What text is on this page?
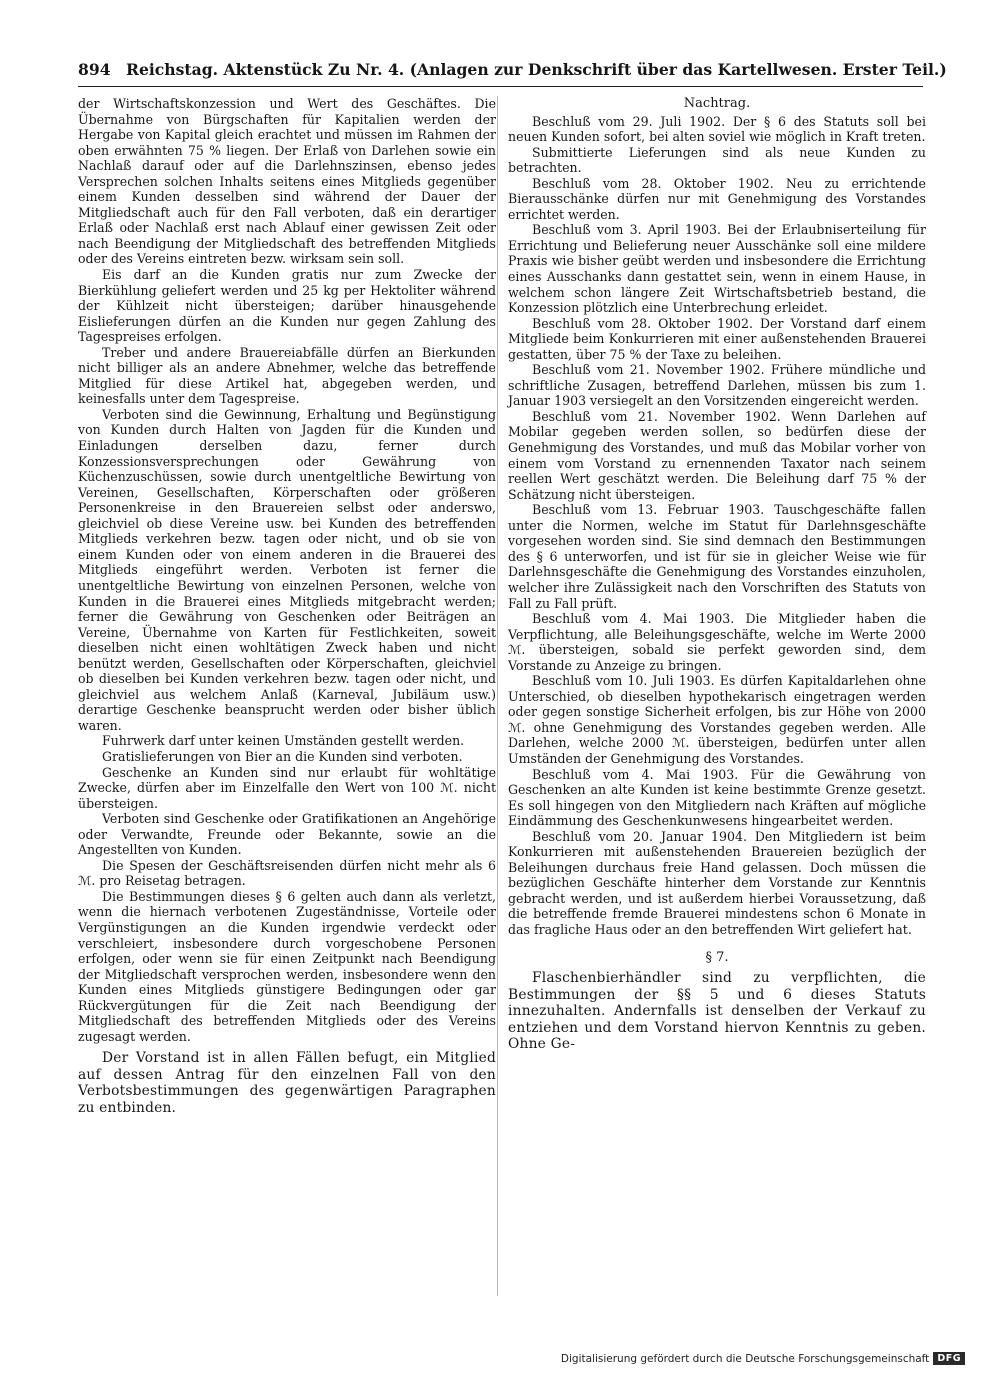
894 Reichstag. Aktenstück Zu Nr. 4. (Anlagen zur Denkschrift über das Kartellwesen. Erster Teil.)

der Wirtschaftskonzession und Wert des Geschäftes. Die Übernahme von Bürgschaften für Kapitalien werden der Hergabe von Kapital gleich erachtet und müssen im Rahmen der oben erwähnten 75 % liegen. Der Erlaß von Darlehen sowie ein Nachlaß darauf oder auf die Darlehnszinsen, ebenso jedes Versprechen solchen Inhalts seitens eines Mitglieds gegenüber einem Kunden desselben sind während der Dauer der Mitgliedschaft auch für den Fall verboten, daß ein derartiger Erlaß oder Nachlaß erst nach Ablauf einer gewissen Zeit oder nach Beendigung der Mitgliedschaft des betreffenden Mitglieds oder des Vereins eintreten bezw. wirksam sein soll.

Eis darf an die Kunden gratis nur zum Zwecke der Bierkühlung geliefert werden und 25 kg per Hektoliter während der Kühlzeit nicht übersteigen; darüber hinausgehende Eislieferungen dürfen an die Kunden nur gegen Zahlung des Tagespreises erfolgen.

Treber und andere Brauereiabfälle dürfen an Bierkunden nicht billiger als an andere Abnehmer, welche das betreffende Mitglied für diese Artikel hat, abgegeben werden, und keinesfalls unter dem Tagespreise.

Verboten sind die Gewinnung, Erhaltung und Begünstigung von Kunden durch Halten von Jagden für die Kunden und Einladungen derselben dazu, ferner durch Konzessionsversprechungen oder Gewährung von Küchenzuschüssen, sowie durch unentgeltliche Bewirtung von Vereinen, Gesellschaften, Körperschaften oder größeren Personenkreise in den Brauereien selbst oder anderswo, gleichviel ob diese Vereine usw. bei Kunden des betreffenden Mitglieds verkehren bezw. tagen oder nicht, und ob sie von einem Kunden oder von einem anderen in die Brauerei des Mitglieds eingeführt werden. Verboten ist ferner die unentgeltliche Bewirtung von einzelnen Personen, welche von Kunden in die Brauerei eines Mitglieds mitgebracht werden; ferner die Gewährung von Geschenken oder Beiträgen an Vereine, Übernahme von Karten für Festlichkeiten, soweit dieselben nicht einen wohltätigen Zweck haben und nicht benützt werden, Gesellschaften oder Körperschaften, gleichviel ob dieselben bei Kunden verkehren bezw. tagen oder nicht, und gleichviel aus welchem Anlaß (Karneval, Jubiläum usw.) derartige Geschenke beansprucht werden oder bisher üblich waren.

Fuhrwerk darf unter keinen Umständen gestellt werden.

Gratislieferungen von Bier an die Kunden sind verboten.

Geschenke an Kunden sind nur erlaubt für wohltätige Zwecke, dürfen aber im Einzelfalle den Wert von 100 ℳ. nicht übersteigen.

Verboten sind Geschenke oder Gratifikationen an Angehörige oder Verwandte, Freunde oder Bekannte, sowie an die Angestellten von Kunden.

Die Spesen der Geschäftsreisenden dürfen nicht mehr als 6 ℳ. pro Reisetag betragen.

Die Bestimmungen dieses § 6 gelten auch dann als verletzt, wenn die hiernach verbotenen Zugeständnisse, Vorteile oder Vergünstigungen an die Kunden irgendwie verdeckt oder verschleiert, insbesondere durch vorgeschobene Personen erfolgen, oder wenn sie für einen Zeitpunkt nach Beendigung der Mitgliedschaft versprochen werden, insbesondere wenn den Kunden eines Mitglieds günstigere Bedingungen oder gar Rückvergütungen für die Zeit nach Beendigung der Mitgliedschaft des betreffenden Mitglieds oder des Vereins zugesagt werden.

Der Vorstand ist in allen Fällen befugt, ein Mitglied auf dessen Antrag für den einzelnen Fall von den Verbotsbestimmungen des gegenwärtigen Paragraphen zu entbinden.

Nachtrag.

Beschluß vom 29. Juli 1902. Der § 6 des Statuts soll bei neuen Kunden sofort, bei alten soviel wie möglich in Kraft treten.

Submittierte Lieferungen sind als neue Kunden zu betrachten.

Beschluß vom 28. Oktober 1902. Neu zu errichtende Bierausschänke dürfen nur mit Genehmigung des Vorstandes errichtet werden.

Beschluß vom 3. April 1903. Bei der Erlaubniserteilung für Errichtung und Belieferung neuer Ausschänke soll eine mildere Praxis wie bisher geübt werden und insbesondere die Errichtung eines Ausschanks dann gestattet sein, wenn in einem Hause, in welchem schon längere Zeit Wirtschaftsbetrieb bestand, die Konzession plötzlich eine Unterbrechung erleidet.

Beschluß vom 28. Oktober 1902. Der Vorstand darf einem Mitgliede beim Konkurrieren mit einer außenstehenden Brauerei gestatten, über 75 % der Taxe zu beleihen.

Beschluß vom 21. November 1902. Frühere mündliche und schriftliche Zusagen, betreffend Darlehen, müssen bis zum 1. Januar 1903 versiegelt an den Vorsitzenden eingereicht werden.

Beschluß vom 21. November 1902. Wenn Darlehen auf Mobilar gegeben werden sollen, so bedürfen diese der Genehmigung des Vorstandes, und muß das Mobilar vorher von einem vom Vorstand zu ernennenden Taxator nach seinem reellen Wert geschätzt werden. Die Beleihung darf 75 % der Schätzung nicht übersteigen.

Beschluß vom 13. Februar 1903. Tauschgeschäfte fallen unter die Normen, welche im Statut für Darlehnsgeschäfte vorgesehen worden sind. Sie sind demnach den Bestimmungen des § 6 unterworfen, und ist für sie in gleicher Weise wie für Darlehnsgeschäfte die Genehmigung des Vorstandes einzuholen, welcher ihre Zulässigkeit nach den Vorschriften des Statuts von Fall zu Fall prüft.

Beschluß vom 4. Mai 1903. Die Mitglieder haben die Verpflichtung, alle Beleihungsgeschäfte, welche im Werte 2000 ℳ. übersteigen, sobald sie perfekt geworden sind, dem Vorstande zu Anzeige zu bringen.

Beschluß vom 10. Juli 1903. Es dürfen Kapitaldarlehen ohne Unterschied, ob dieselben hypothekarisch eingetragen werden oder gegen sonstige Sicherheit erfolgen, bis zur Höhe von 2000 ℳ. ohne Genehmigung des Vorstandes gegeben werden. Alle Darlehen, welche 2000 ℳ. übersteigen, bedürfen unter allen Umständen der Genehmigung des Vorstandes.

Beschluß vom 4. Mai 1903. Für die Gewährung von Geschenken an alte Kunden ist keine bestimmte Grenze gesetzt. Es soll hingegen von den Mitgliedern nach Kräften auf mögliche Eindämmung des Geschenkunwesens hingearbeitet werden.

Beschluß vom 20. Januar 1904. Den Mitgliedern ist beim Konkurrieren mit außenstehenden Brauereien bezüglich der Beleihungen durchaus freie Hand gelassen. Doch müssen die bezüglichen Geschäfte hinterher dem Vorstande zur Kenntnis gebracht werden, und ist außerdem hierbei Voraussetzung, daß die betreffende fremde Brauerei mindestens schon 6 Monate in das fragliche Haus oder an den betreffenden Wirt geliefert hat.

§ 7.

Flaschenbierhändler sind zu verpflichten, die Bestimmungen der §§ 5 und 6 dieses Statuts innezuhalten. Andernfalls ist denselben der Verkauf zu entziehen und dem Vorstand hiervon Kenntnis zu geben. Ohne Ge-

Digitalisierung gefördert durch die Deutsche Forschungsgemeinschaft DFG
